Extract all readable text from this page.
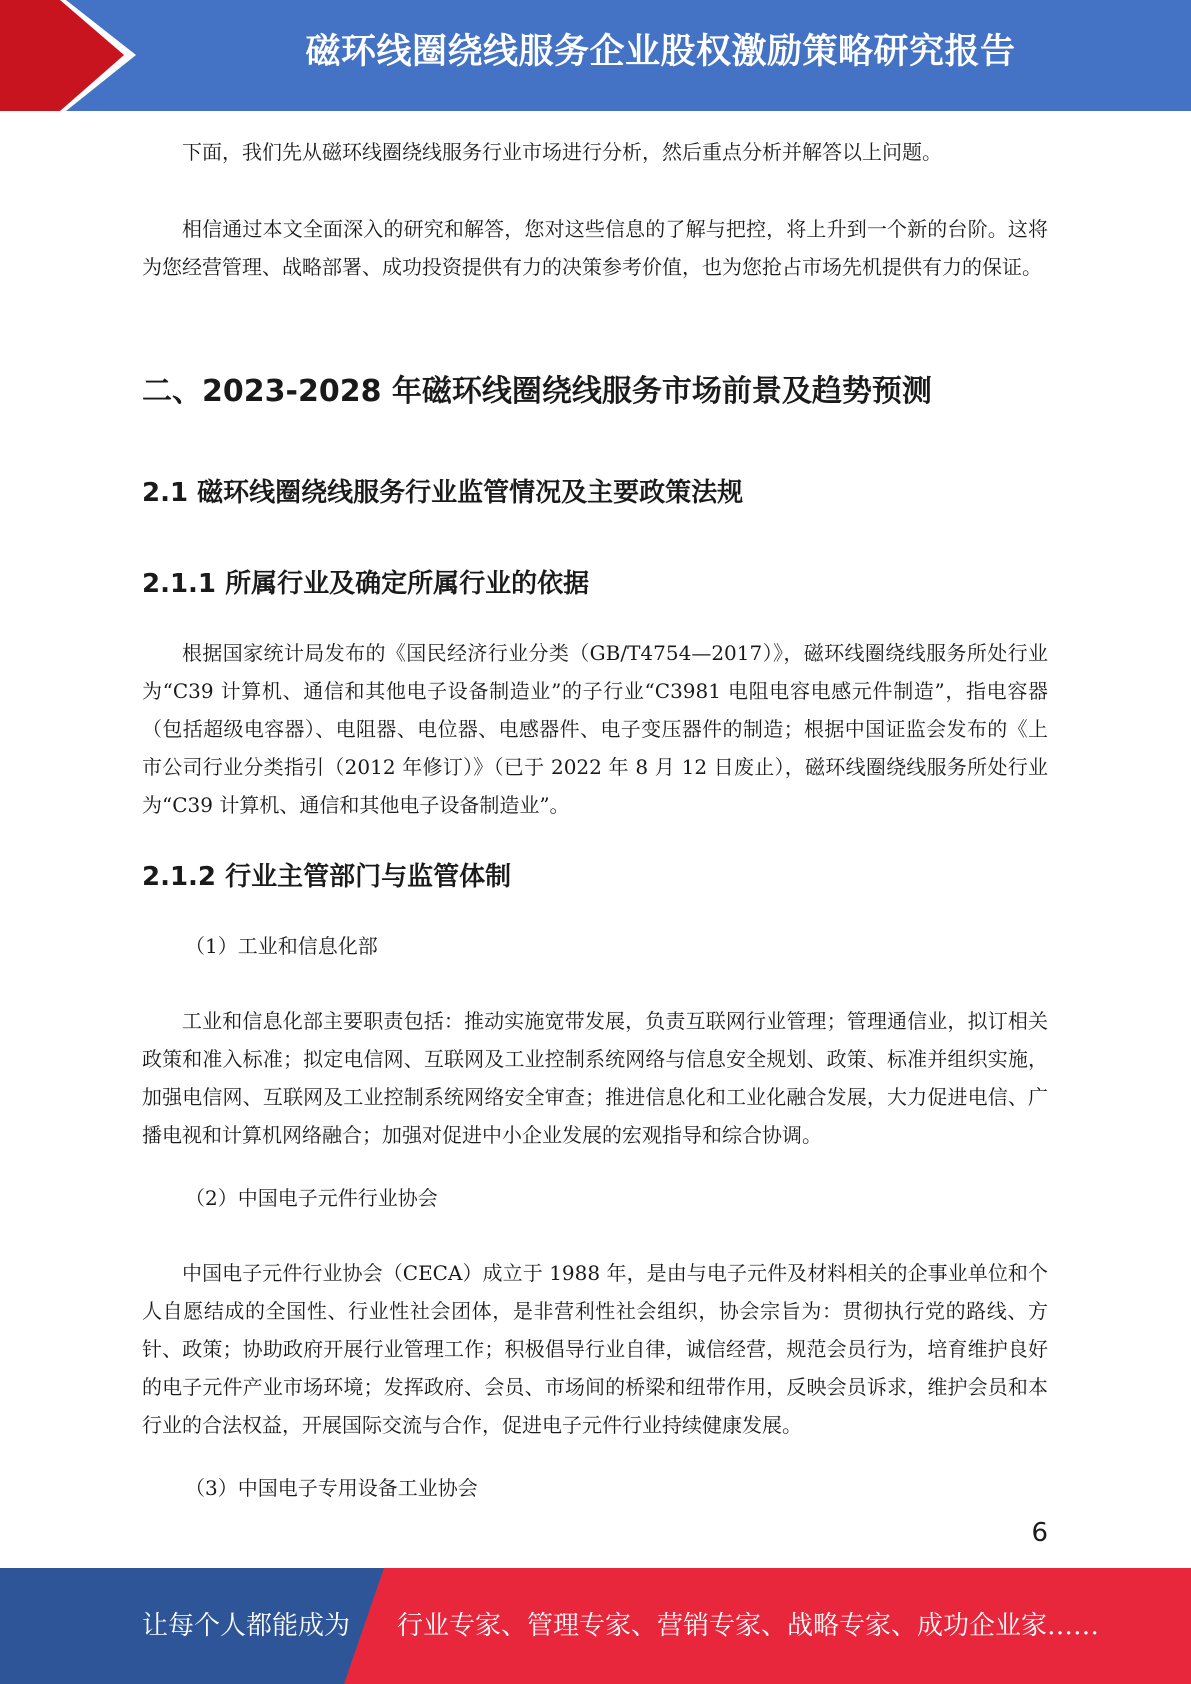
磁环线圈绕线服务企业股权激励策略研究报告

下面，我们先从磁环线圈绕线服务行业市场进行分析，然后重点分析并解答以上问题。

相信通过本文全面深入的研究和解答，您对这些信息的了解与把控，将上升到一个新的台阶。这将为您经营管理、战略部署、成功投资提供有力的决策参考价值，也为您抢占市场先机提供有力的保证。

二、2023-2028 年磁环线圈绕线服务市场前景及趋势预测
2.1 磁环线圈绕线服务行业监管情况及主要政策法规
2.1.1 所属行业及确定所属行业的依据

根据国家统计局发布的《国民经济行业分类（GB/T4754—2017）》，磁环线圈绕线服务所处行业为“C39 计算机、通信和其他电子设备制造业”的子行业“C3981 电阻电容电感元件制造”，指电容器（包括超级电容器）、电阻器、电位器、电感器件、电子变压器件的制造；根据中国证监会发布的《上市公司行业分类指引（2012 年修订）》（已于 2022 年 8 月 12 日废止），磁环线圈绕线服务所处行业为“C39 计算机、通信和其他电子设备制造业”。

2.1.2 行业主管部门与监管体制

（1）工业和信息化部

工业和信息化部主要职责包括：推动实施宽带发展，负责互联网行业管理；管理通信业，拟订相关政策和准入标准；拟定电信网、互联网及工业控制系统网络与信息安全规划、政策、标准并组织实施，加强电信网、互联网及工业控制系统网络安全审查；推进信息化和工业化融合发展，大力促进电信、广播电视和计算机网络融合；加强对促进中小企业发展的宏观指导和综合协调。

（2）中国电子元件行业协会

中国电子元件行业协会（CECA）成立于 1988 年，是由与电子元件及材料相关的企事业单位和个人自愿结成的全国性、行业性社会团体，是非营利性社会组织，协会宗旨为：贯彻执行党的路线、方针、政策；协助政府开展行业管理工作；积极倡导行业自律，诚信经营，规范会员行为，培育维护良好的电子元件产业市场环境；发挥政府、会员、市场间的桥梁和纽带作用，反映会员诉求，维护会员和本行业的合法权益，开展国际交流与合作，促进电子元件行业持续健康发展。

（3）中国电子专用设备工业协会

6
让每个人都能成为 行业专家、管理专家、营销专家、战略专家、成功企业家……
